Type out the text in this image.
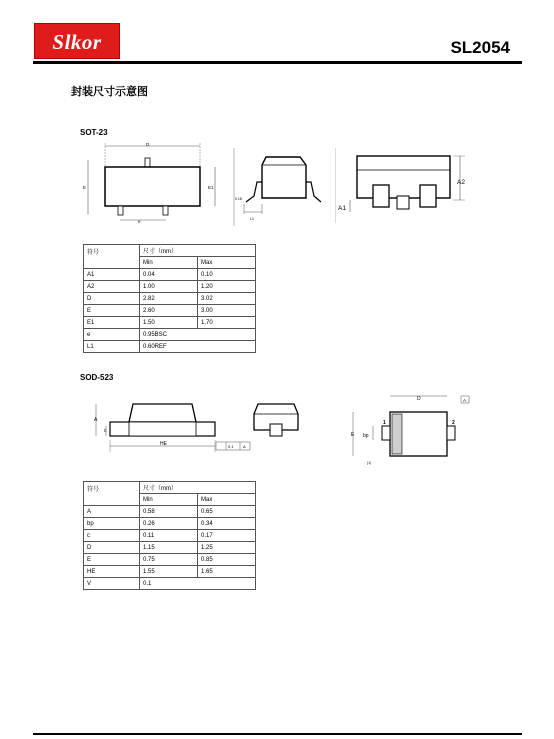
Slkor	SL2054
封装尺寸示意图
SOT-23
D
E	E1
e
0.18
L1
A2
A1
符号	尺寸（mm）	
	Min	Max
A1	0.04	0.10
A2	1.00	1.20
D	2.82	3.02
E	2.60	3.00
E1	1.50	1.70
e	0.95BSC	
L1	0.60REF	
SOD-523
A
c
HE	0.1 A
D	A
E bp
1	2
(1)
符号	尺寸（mm）	
	Min	Max
A	0.58	0.65
bp	0.26	0.34
c	0.11	0.17
D	1.15	1.25
E	0.75	0.85
HE	1.55	1.65
V	0.1	
